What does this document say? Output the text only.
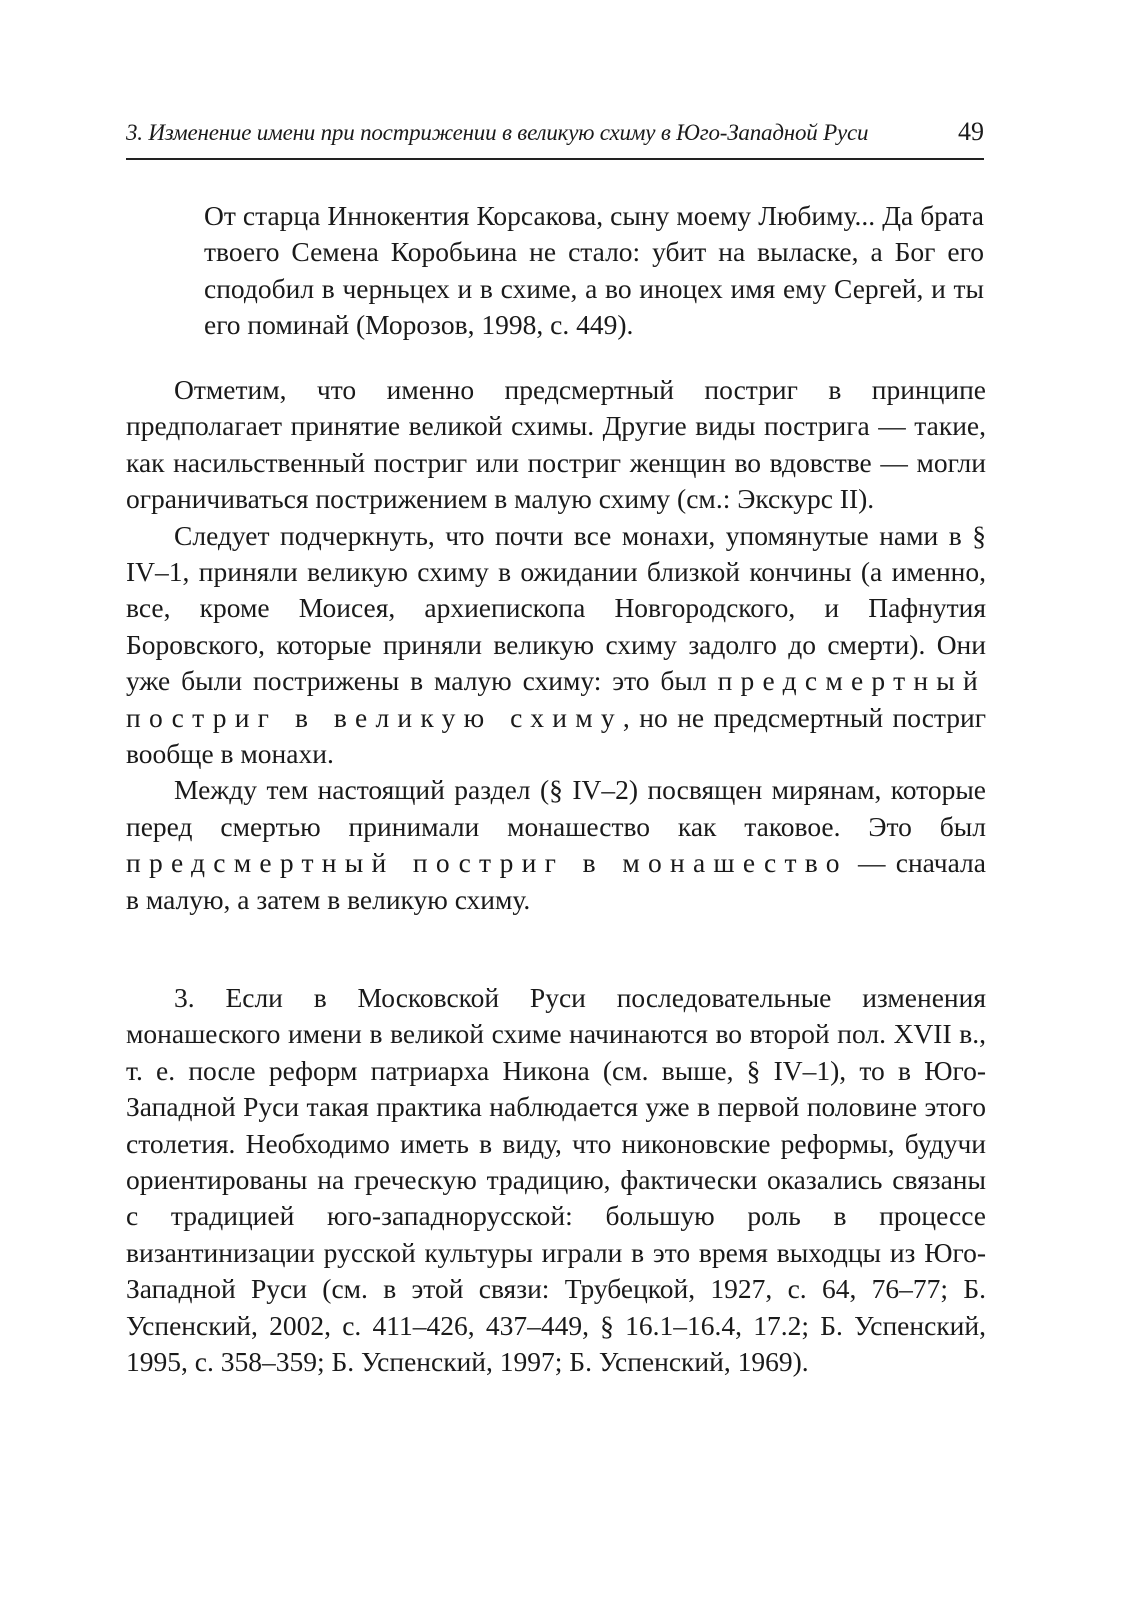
3. Изменение имени при пострижении в великую схиму в Юго-Западной Руси	49

От старца Иннокентия Корсакова, сыну моему Любиму... Да брата твоего Семена Коробьина не стало: убит на выласке, а Бог его сподобил в черньцех и в схиме, а во иноцех имя ему Сергей, и ты его поминай (Морозов, 1998, с. 449).

Отметим, что именно предсмертный постриг в принципе предполагает принятие великой схимы. Другие виды пострига — такие, как насильственный постриг или постриг женщин во вдовстве — могли ограничиваться пострижением в малую схиму (см.: Экскурс II).

Следует подчеркнуть, что почти все монахи, упомянутые нами в § IV–1, приняли великую схиму в ожидании близкой кончины (а именно, все, кроме Моисея, архиепископа Новгородского, и Пафнутия Боровского, которые приняли великую схиму задолго до смерти). Они уже были пострижены в малую схиму: это был предсмертный постриг в великую схиму, но не предсмертный постриг вообще в монахи.

Между тем настоящий раздел (§ IV–2) посвящен мирянам, которые перед смертью принимали монашество как таковое. Это был предсмертный постриг в монашество — сначала в малую, а затем в великую схиму.

3. Если в Московской Руси последовательные изменения монашеского имени в великой схиме начинаются во второй пол. XVII в., т. е. после реформ патриарха Никона (см. выше, § IV–1), то в Юго-Западной Руси такая практика наблюдается уже в первой половине этого столетия. Необходимо иметь в виду, что никоновские реформы, будучи ориентированы на греческую традицию, фактически оказались связаны с традицией юго-западнорусской: большую роль в процессе византинизации русской культуры играли в это время выходцы из Юго-Западной Руси (см. в этой связи: Трубецкой, 1927, с. 64, 76–77; Б. Успенский, 2002, с. 411–426, 437–449, § 16.1–16.4, 17.2; Б. Успенский, 1995, с. 358–359; Б. Успенский, 1997; Б. Успенский, 1969).
